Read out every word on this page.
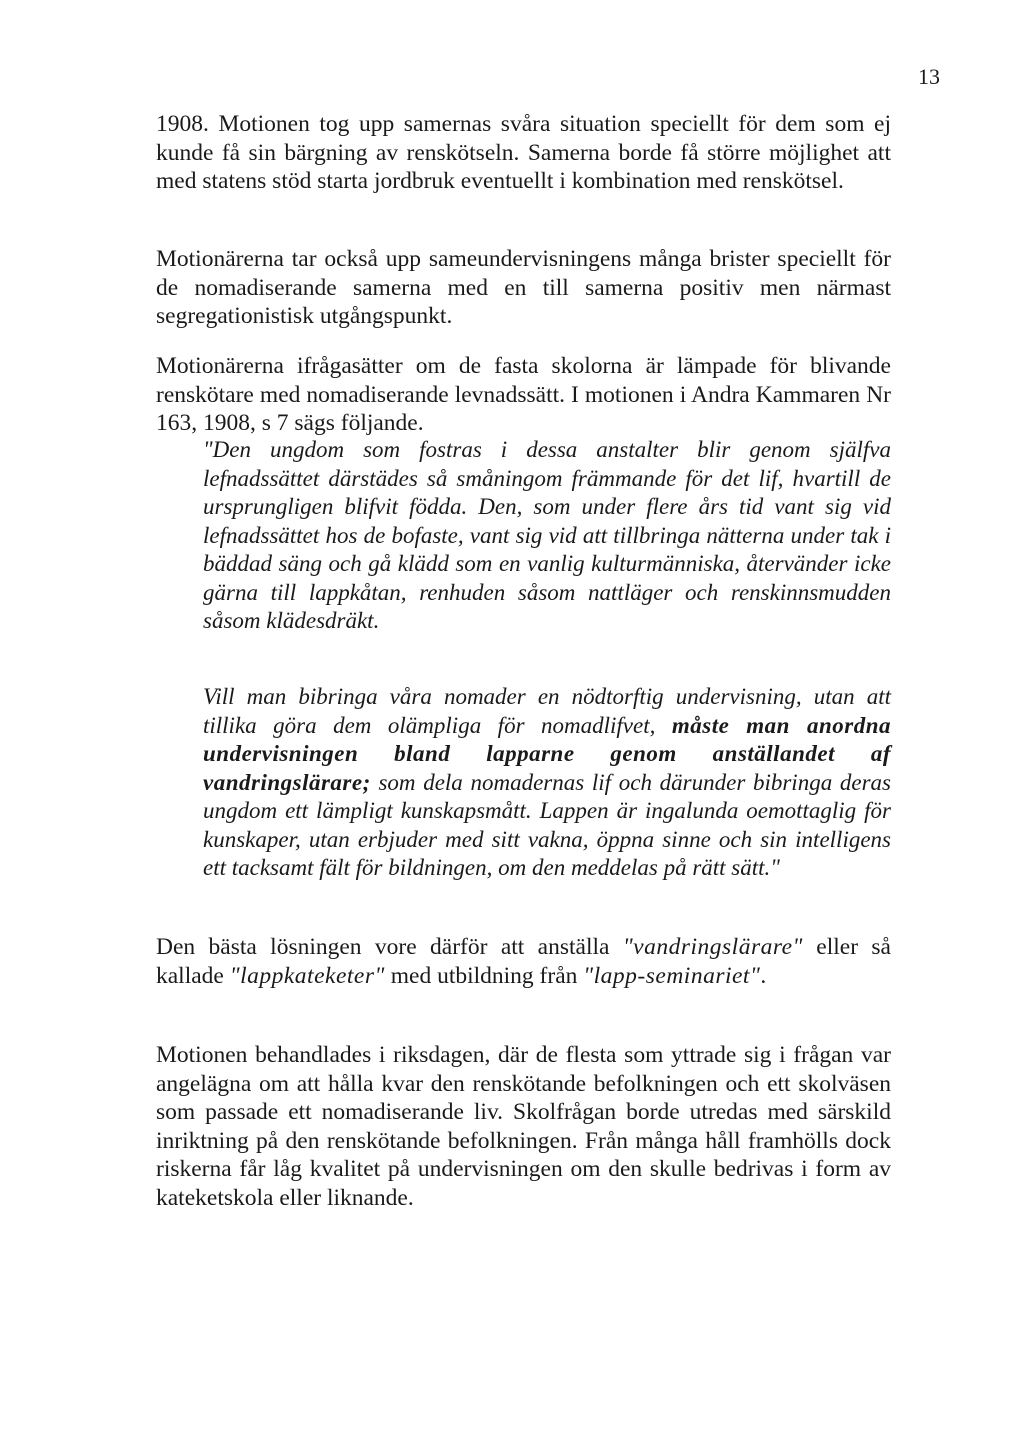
13

1908. Motionen tog upp samernas svåra situation speciellt för dem som ej kunde få sin bärgning av renskötseln. Samerna borde få större möjlighet att med statens stöd starta jordbruk eventuellt i kombination med renskötsel.

Motionärerna tar också upp sameundervisningens många brister speciellt för de nomadiserande samerna med en till samerna positiv men närmast segregationistisk utgångspunkt.

Motionärerna ifrågasätter om de fasta skolorna är lämpade för blivande renskötare med nomadiserande levnadssätt. I motionen i Andra Kammaren Nr 163, 1908, s 7 sägs följande.

"Den ungdom som fostras i dessa anstalter blir genom själfva lefnadssättet därstädes så småningom främmande för det lif, hvartill de ursprungligen blifvit födda. Den, som under flere års tid vant sig vid lefnadssättet hos de bofaste, vant sig vid att tillbringa nätterna under tak i bäddad säng och gå klädd som en vanlig kulturmänniska, återvänder icke gärna till lappkåtan, renhuden såsom nattläger och renskinnsmudden såsom klädesdräkt.

Vill man bibringa våra nomader en nödtorftig undervisning, utan att tillika göra dem olämpliga för nomadlifvet, måste man anordna undervisningen bland lapparne genom anställandet af vandringslärare; som dela nomadernas lif och därunder bibringa deras ungdom ett lämpligt kunskapsmått. Lappen är ingalunda oemottaglig för kunskaper, utan erbjuder med sitt vakna, öppna sinne och sin intelligens ett tacksamt fält för bildningen, om den meddelas på rätt sätt."

Den bästa lösningen vore därför att anställa "vandringslärare" eller så kallade "lappkateketer" med utbildning från "lapp-seminariet".

Motionen behandlades i riksdagen, där de flesta som yttrade sig i frågan var angelägna om att hålla kvar den renskötande befolkningen och ett skolväsen som passade ett nomadiserande liv. Skolfrågan borde utredas med särskild inriktning på den renskötande befolkningen. Från många håll framhölls dock riskerna får låg kvalitet på undervisningen om den skulle bedrivas i form av kateketskola eller liknande.
